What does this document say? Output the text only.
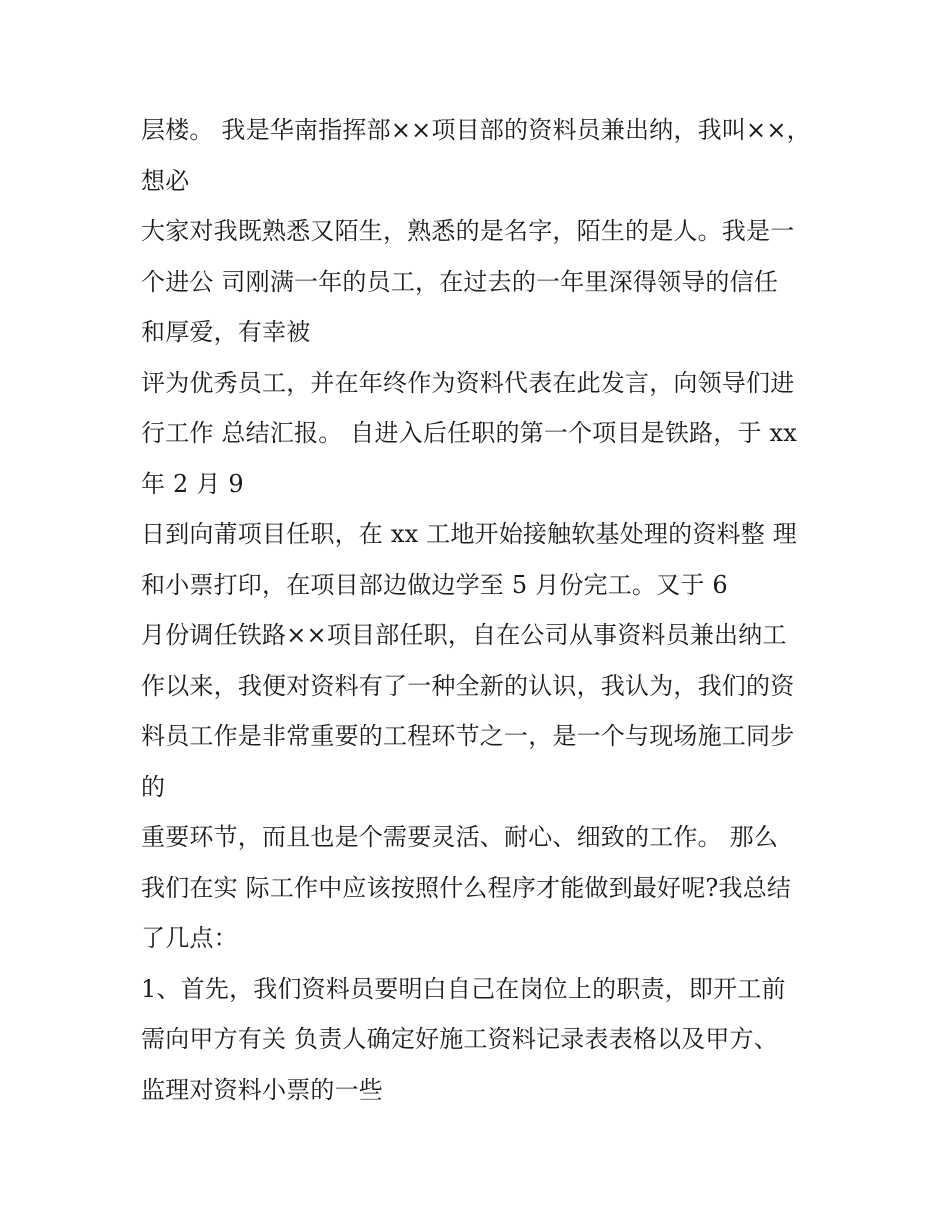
层楼。 我是华南指挥部××项目部的资料员兼出纳，我叫××，
想必
大家对我既熟悉又陌生，熟悉的是名字，陌生的是人。我是一
个进公 司刚满一年的员工，在过去的一年里深得领导的信任
和厚爱，有幸被
评为优秀员工，并在年终作为资料代表在此发言，向领导们进
行工作 总结汇报。 自进入后任职的第一个项目是铁路，于 xx
年 2 月 9
日到向莆项目任职，在 xx 工地开始接触软基处理的资料整 理
和小票打印，在项目部边做边学至 5 月份完工。又于 6
月份调任铁路××项目部任职，自在公司从事资料员兼出纳工
作以来，我便对资料有了一种全新的认识，我认为，我们的资
料员工作是非常重要的工程环节之一，是一个与现场施工同步
的
重要环节，而且也是个需要灵活、耐心、细致的工作。 那么
我们在实 际工作中应该按照什么程序才能做到最好呢?我总结
了几点：
1、首先，我们资料员要明白自己在岗位上的职责，即开工前
需向甲方有关 负责人确定好施工资料记录表表格以及甲方、
监理对资料小票的一些
